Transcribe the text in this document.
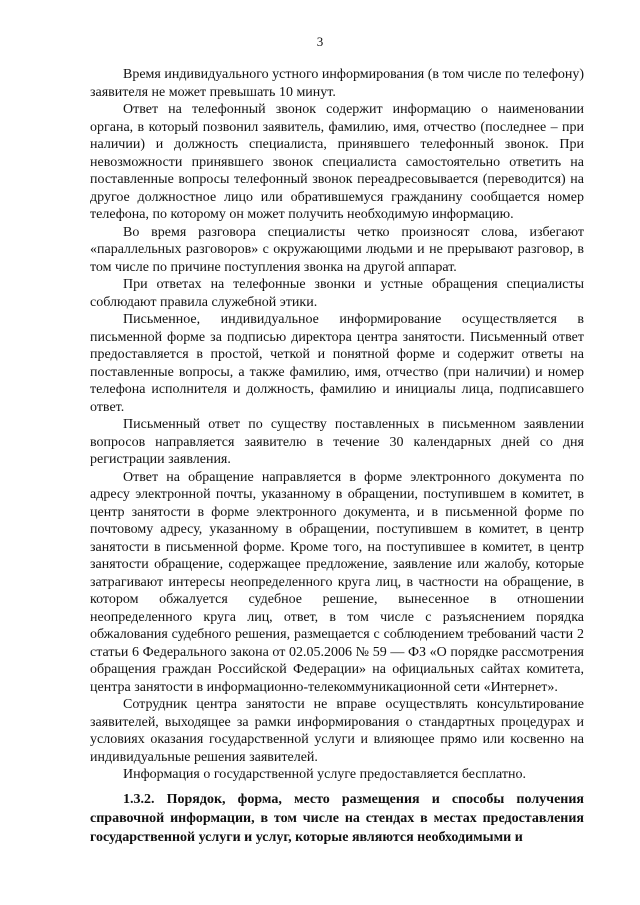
3

Время индивидуального устного информирования (в том числе по телефону) заявителя не может превышать 10 минут.

Ответ на телефонный звонок содержит информацию о наименовании органа, в который позвонил заявитель, фамилию, имя, отчество (последнее – при наличии) и должность специалиста, принявшего телефонный звонок. При невозможности принявшего звонок специалиста самостоятельно ответить на поставленные вопросы телефонный звонок переадресовывается (переводится) на другое должностное лицо или обратившемуся гражданину сообщается номер телефона, по которому он может получить необходимую информацию.

Во время разговора специалисты четко произносят слова, избегают «параллельных разговоров» с окружающими людьми и не прерывают разговор, в том числе по причине поступления звонка на другой аппарат.

При ответах на телефонные звонки и устные обращения специалисты соблюдают правила служебной этики.

Письменное, индивидуальное информирование осуществляется в письменной форме за подписью директора центра занятости. Письменный ответ предоставляется в простой, четкой и понятной форме и содержит ответы на поставленные вопросы, а также фамилию, имя, отчество (при наличии) и номер телефона исполнителя и должность, фамилию и инициалы лица, подписавшего ответ.

Письменный ответ по существу поставленных в письменном заявлении вопросов направляется заявителю в течение 30 календарных дней со дня регистрации заявления.

Ответ на обращение направляется в форме электронного документа по адресу электронной почты, указанному в обращении, поступившем в комитет, в центр занятости в форме электронного документа, и в письменной форме по почтовому адресу, указанному в обращении, поступившем в комитет, в центр занятости в письменной форме. Кроме того, на поступившее в комитет, в центр занятости обращение, содержащее предложение, заявление или жалобу, которые затрагивают интересы неопределенного круга лиц, в частности на обращение, в котором обжалуется судебное решение, вынесенное в отношении неопределенного круга лиц, ответ, в том числе с разъяснением порядка обжалования судебного решения, размещается с соблюдением требований части 2 статьи 6 Федерального закона от 02.05.2006 № 59 — ФЗ «О порядке рассмотрения обращения граждан Российской Федерации» на официальных сайтах комитета, центра занятости в информационно-телекоммуникационной сети «Интернет».

Сотрудник центра занятости не вправе осуществлять консультирование заявителей, выходящее за рамки информирования о стандартных процедурах и условиях оказания государственной услуги и влияющее прямо или косвенно на индивидуальные решения заявителей.

Информация о государственной услуге предоставляется бесплатно.

1.3.2. Порядок, форма, место размещения и способы получения справочной информации, в том числе на стендах в местах предоставления государственной услуги и услуг, которые являются необходимыми и
